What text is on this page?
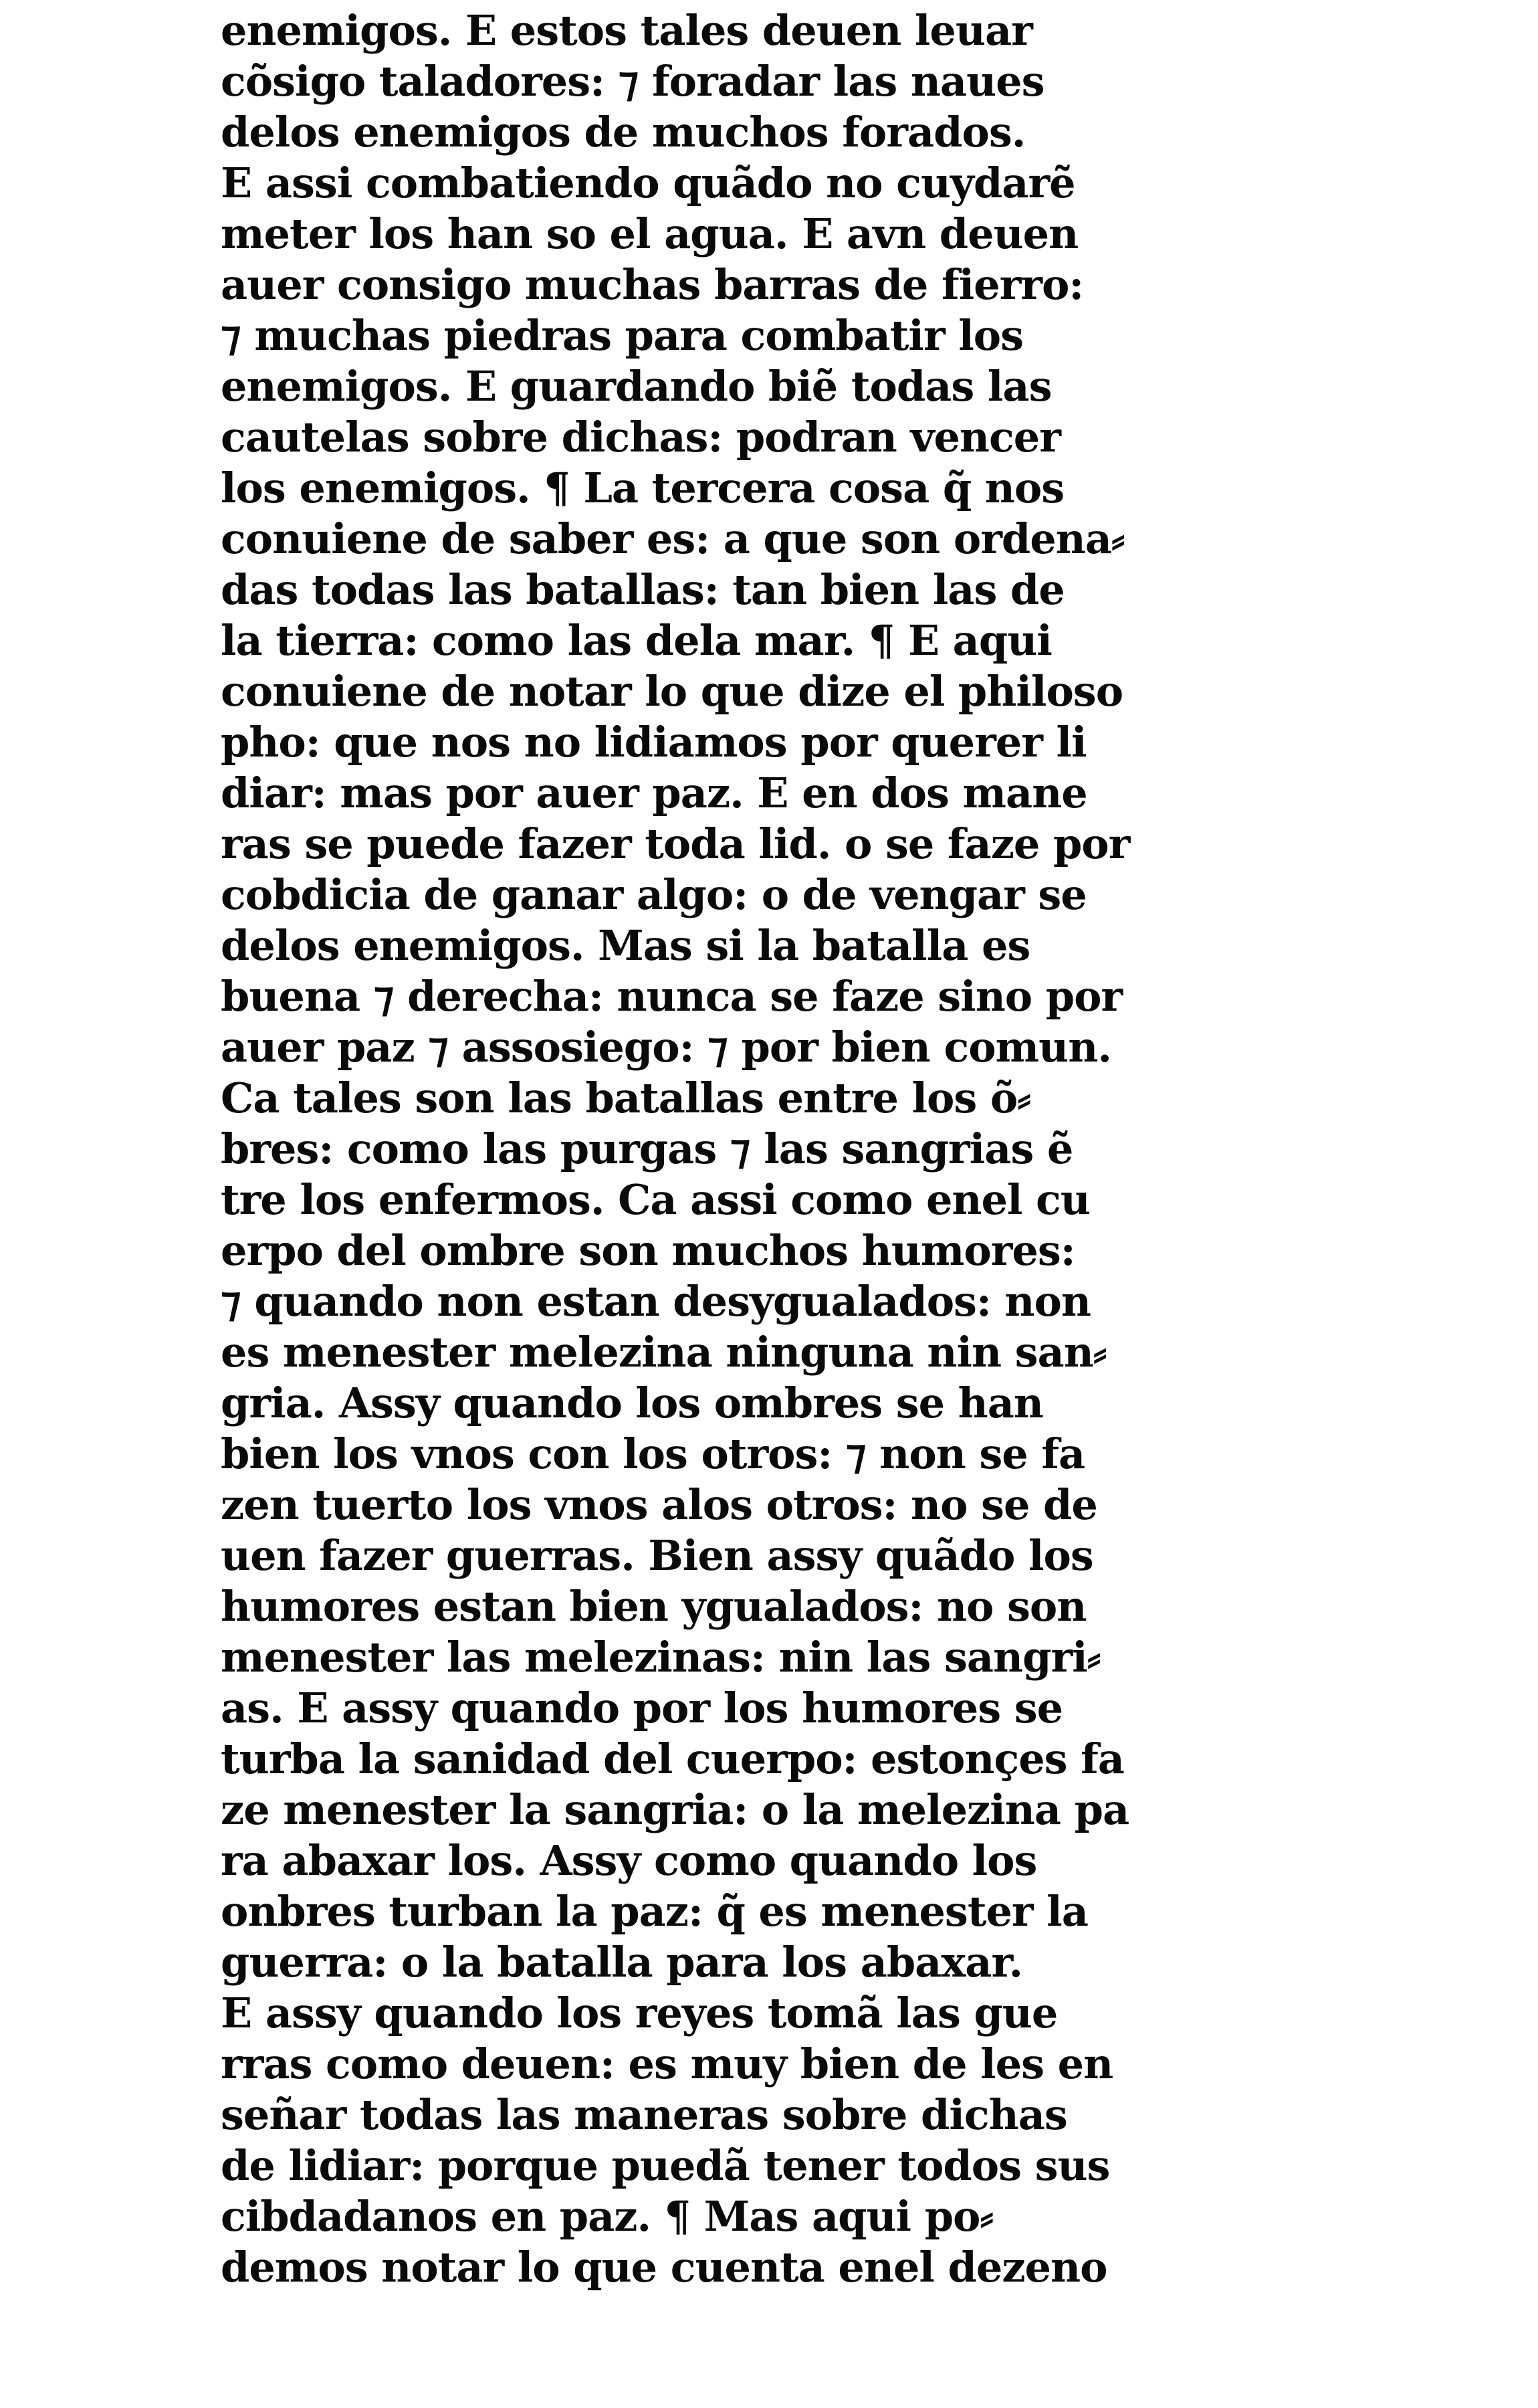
enemigos. E estos tales deuen leuar
cõsigo taladores: ⁊ foradar las naues
delos enemigos de muchos forados.
E assi combatiendo quãdo no cuydarẽ
meter los han so el agua. E avn deuen
auer consigo muchas barras de fierro:
⁊ muchas piedras para combatir los
enemigos. E guardando biẽ todas las
cautelas sobre dichas: podran vencer
los enemigos. ¶ La tercera cosa q̃ nos
conuiene de saber es: a que son ordena⸗
das todas las batallas: tan bien las de
la tierra: como las dela mar. ¶ E aqui
conuiene de notar lo que dize el philoso
pho: que nos no lidiamos por querer li
diar: mas por auer paz. E en dos mane
ras se puede fazer toda lid. o se faze por
cobdicia de ganar algo: o de vengar se
delos enemigos. Mas si la batalla es
buena ⁊ derecha: nunca se faze sino por
auer paz ⁊ assosiego: ⁊ por bien comun.
Ca tales son las batallas entre los õ⸗
bres: como las purgas ⁊ las sangrias ẽ
tre los enfermos. Ca assi como enel cu
erpo del ombre son muchos humores:
⁊ quando non estan desygualados: non
es menester melezina ninguna nin san⸗
gria. Assy quando los ombres se han
bien los vnos con los otros: ⁊ non se fa
zen tuerto los vnos alos otros: no se de
uen fazer guerras. Bien assy quãdo los
humores estan bien ygualados: no son
menester las melezinas: nin las sangri⸗
as. E assy quando por los humores se
turba la sanidad del cuerpo: estonçes fa
ze menester la sangria: o la melezina pa
ra abaxar los. Assy como quando los
onbres turban la paz: q̃ es menester la
guerra: o la batalla para los abaxar.
E assy quando los reyes tomã las gue
rras como deuen: es muy bien de les en
señar todas las maneras sobre dichas
de lidiar: porque puedã tener todos sus
cibdadanos en paz. ¶ Mas aqui po⸗
demos notar lo que cuenta enel dezeno
